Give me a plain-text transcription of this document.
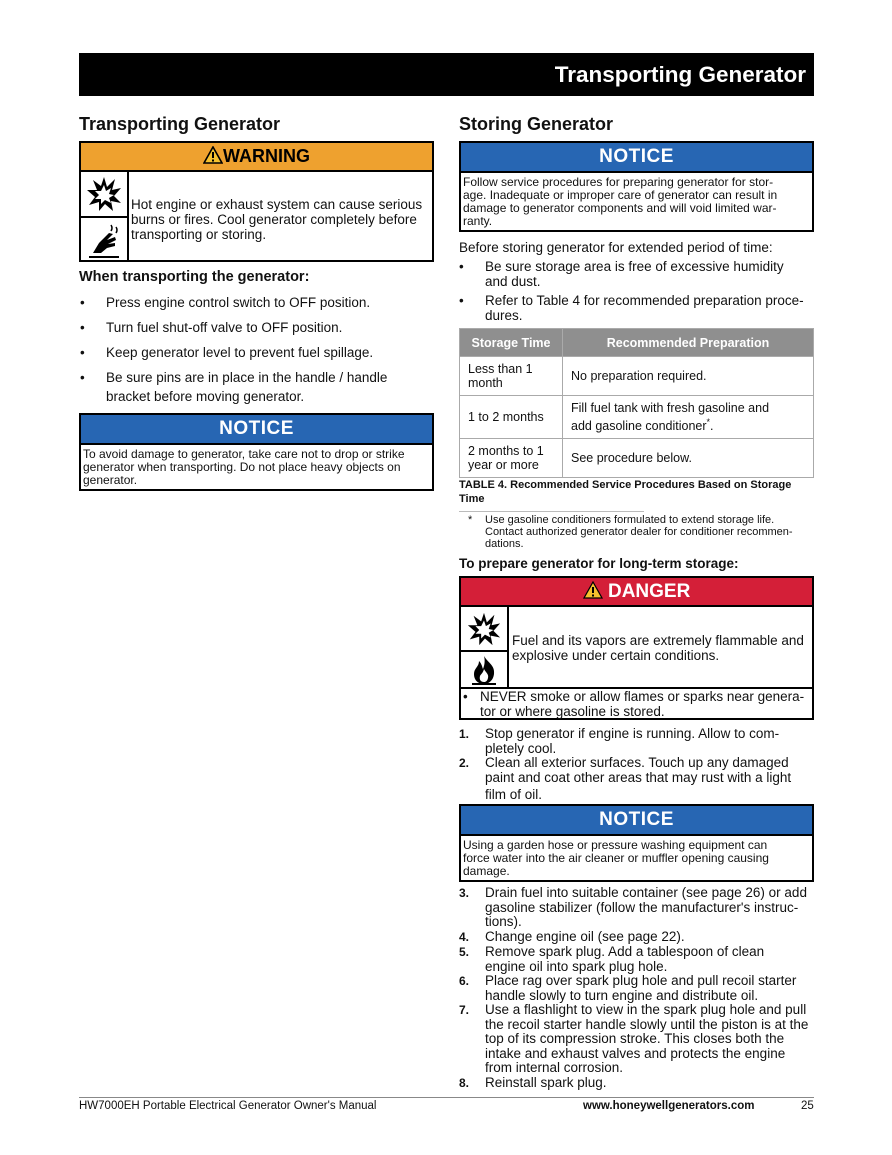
Transporting Generator
Transporting Generator
WARNING
Hot engine or exhaust system can cause serious burns or fires. Cool generator completely before transporting or storing.
When transporting the generator:
• Press engine control switch to OFF position.
• Turn fuel shut-off valve to OFF position.
• Keep generator level to prevent fuel spillage.
• Be sure pins are in place in the handle / handle
bracket before moving generator.
NOTICE
To avoid damage to generator, take care not to drop or strike generator when transporting. Do not place heavy objects on generator.
Storing Generator
NOTICE
Follow service procedures for preparing generator for stor-
age. Inadequate or improper care of generator can result in
damage to generator components and will void limited war-
ranty.
Before storing generator for extended period of time:
• Be sure storage area is free of excessive humidity
and dust.
• Refer to Table 4 for recommended preparation proce-
dures.
Storage Time	Recommended Preparation
Less than 1
month	No preparation required.
1 to 2 months	Fill fuel tank with fresh gasoline and
add gasoline conditioner*.
2 months to 1
year or more	See procedure below.
TABLE 4. Recommended Service Procedures Based on Storage
Time
* Use gasoline conditioners formulated to extend storage life.
Contact authorized generator dealer for conditioner recommen-
dations.
To prepare generator for long-term storage:
DANGER
Fuel and its vapors are extremely flammable and
explosive under certain conditions.
• NEVER smoke or allow flames or sparks near genera-
tor or where gasoline is stored.
1. Stop generator if engine is running. Allow to com-
pletely cool.
2. Clean all exterior surfaces. Touch up any damaged
paint and coat other areas that may rust with a light
film of oil.
NOTICE
Using a garden hose or pressure washing equipment can
force water into the air cleaner or muffler opening causing
damage.
3. Drain fuel into suitable container (see page 26) or add
gasoline stabilizer (follow the manufacturer's instruc-
tions).
4. Change engine oil (see page 22).
5. Remove spark plug. Add a tablespoon of clean
engine oil into spark plug hole.
6. Place rag over spark plug hole and pull recoil starter
handle slowly to turn engine and distribute oil.
7. Use a flashlight to view in the spark plug hole and pull
the recoil starter handle slowly until the piston is at the
top of its compression stroke. This closes both the
intake and exhaust valves and protects the engine
from internal corrosion.
8. Reinstall spark plug.
HW7000EH Portable Electrical Generator Owner's Manual	www.honeywellgenerators.com	25
